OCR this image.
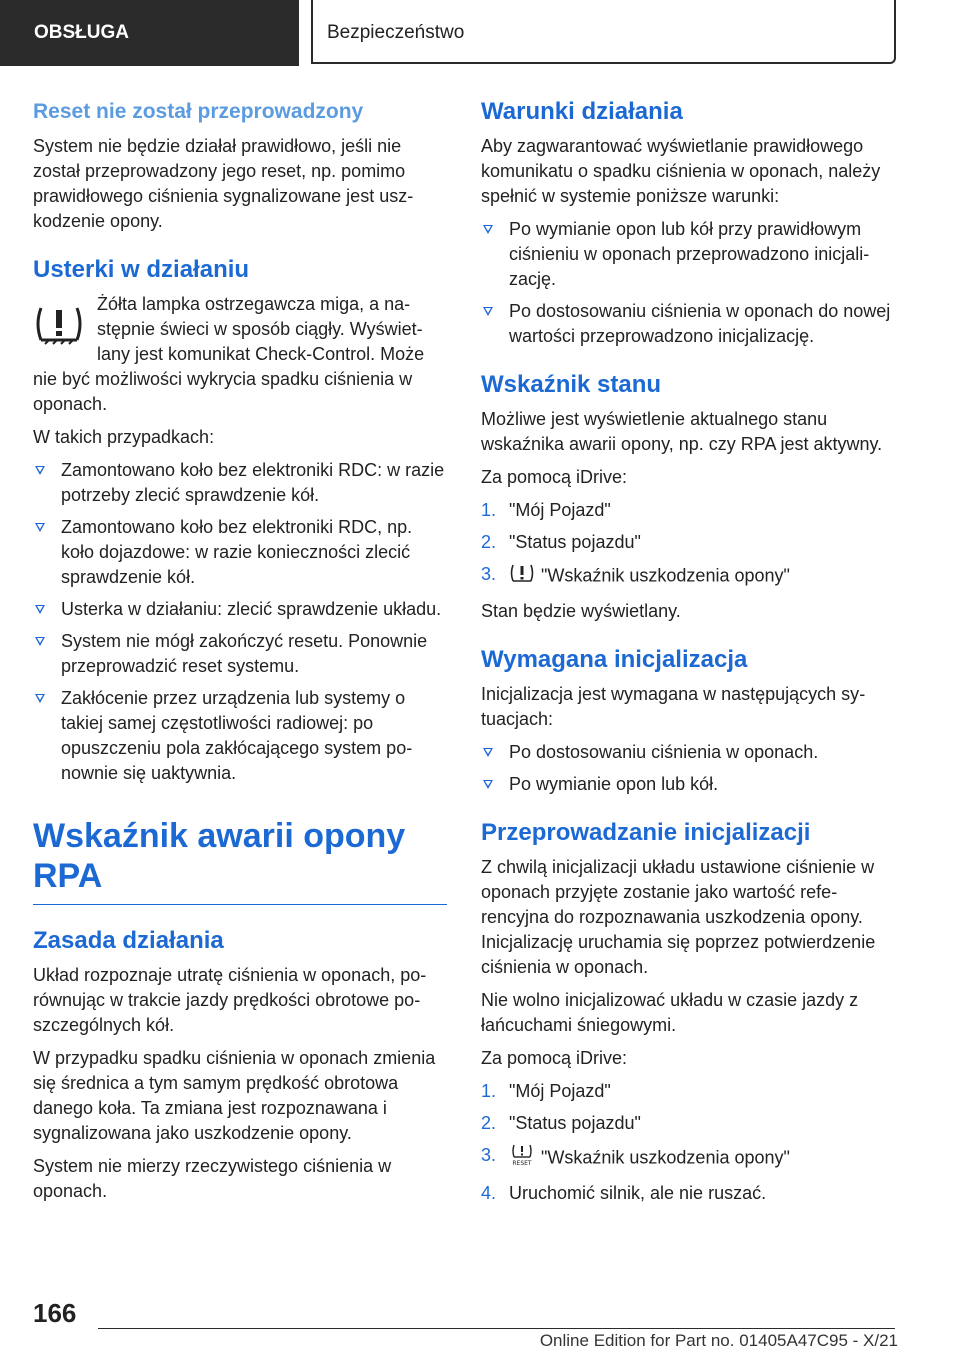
OBSŁUGA	Bezpieczeństwo
Reset nie został przeprowadzony

System nie będzie działał prawidłowo, jeśli nie został przeprowadzony jego reset, np. pomimo prawidłowego ciśnienia sygnalizowane jest uszkodzenie opony.

Usterki w działaniu

Żółta lampka ostrzegawcza miga, a następnie świeci w sposób ciągły. Wyświetlany jest komunikat Check-Control. Może nie być możliwości wykrycia spadku ciśnienia w oponach.

W takich przypadkach:

Zamontowano koło bez elektroniki RDC: w razie potrzeby zlecić sprawdzenie kół.
Zamontowano koło bez elektroniki RDC, np. koło dojazdowe: w razie konieczności zlecić sprawdzenie kół.
Usterka w działaniu: zlecić sprawdzenie układu.
System nie mógł zakończyć resetu. Ponownie przeprowadzić reset systemu.
Zakłócenie przez urządzenia lub systemy o takiej samej częstotliwości radiowej: po opuszczeniu pola zakłócającego system ponownie się uaktywnia.
Wskaźnik awarii opony RPA
Zasada działania

Układ rozpoznaje utratę ciśnienia w oponach, porównując w trakcie jazdy prędkości obrotowe poszczególnych kół.

W przypadku spadku ciśnienia w oponach zmienia się średnica a tym samym prędkość obrotowa danego koła. Ta zmiana jest rozpoznawana i sygnalizowana jako uszkodzenie opony.

System nie mierzy rzeczywistego ciśnienia w oponach.

Warunki działania

Aby zagwarantować wyświetlanie prawidłowego komunikatu o spadku ciśnienia w oponach, należy spełnić w systemie poniższe warunki:

Po wymianie opon lub kół przy prawidłowym ciśnieniu w oponach przeprowadzono inicjalizację.
Po dostosowaniu ciśnienia w oponach do nowej wartości przeprowadzono inicjalizację.
Wskaźnik stanu

Możliwe jest wyświetlenie aktualnego stanu wskaźnika awarii opony, np. czy RPA jest aktywny.

Za pomocą iDrive:

1. "Mój Pojazd"
2. "Status pojazdu"
3. "Wskaźnik uszkodzenia opony"

Stan będzie wyświetlany.

Wymagana inicjalizacja

Inicjalizacja jest wymagana w następujących sytuacjach:

Po dostosowaniu ciśnienia w oponach.
Po wymianie opon lub kół.
Przeprowadzanie inicjalizacji

Z chwilą inicjalizacji układu ustawione ciśnienie w oponach przyjęte zostanie jako wartość referencyjna do rozpoznawania uszkodzenia opony. Inicjalizację uruchamia się poprzez potwierdzenie ciśnienia w oponach.

Nie wolno inicjalizować układu w czasie jazdy z łańcuchami śniegowymi.

Za pomocą iDrive:

1. "Mój Pojazd"
2. "Status pojazdu"
3.	RESET "Wskaźnik uszkodzenia opony"
4. Uruchomić silnik, ale nie ruszać.
166
Online Edition for Part no. 01405A47C95 - X/21
